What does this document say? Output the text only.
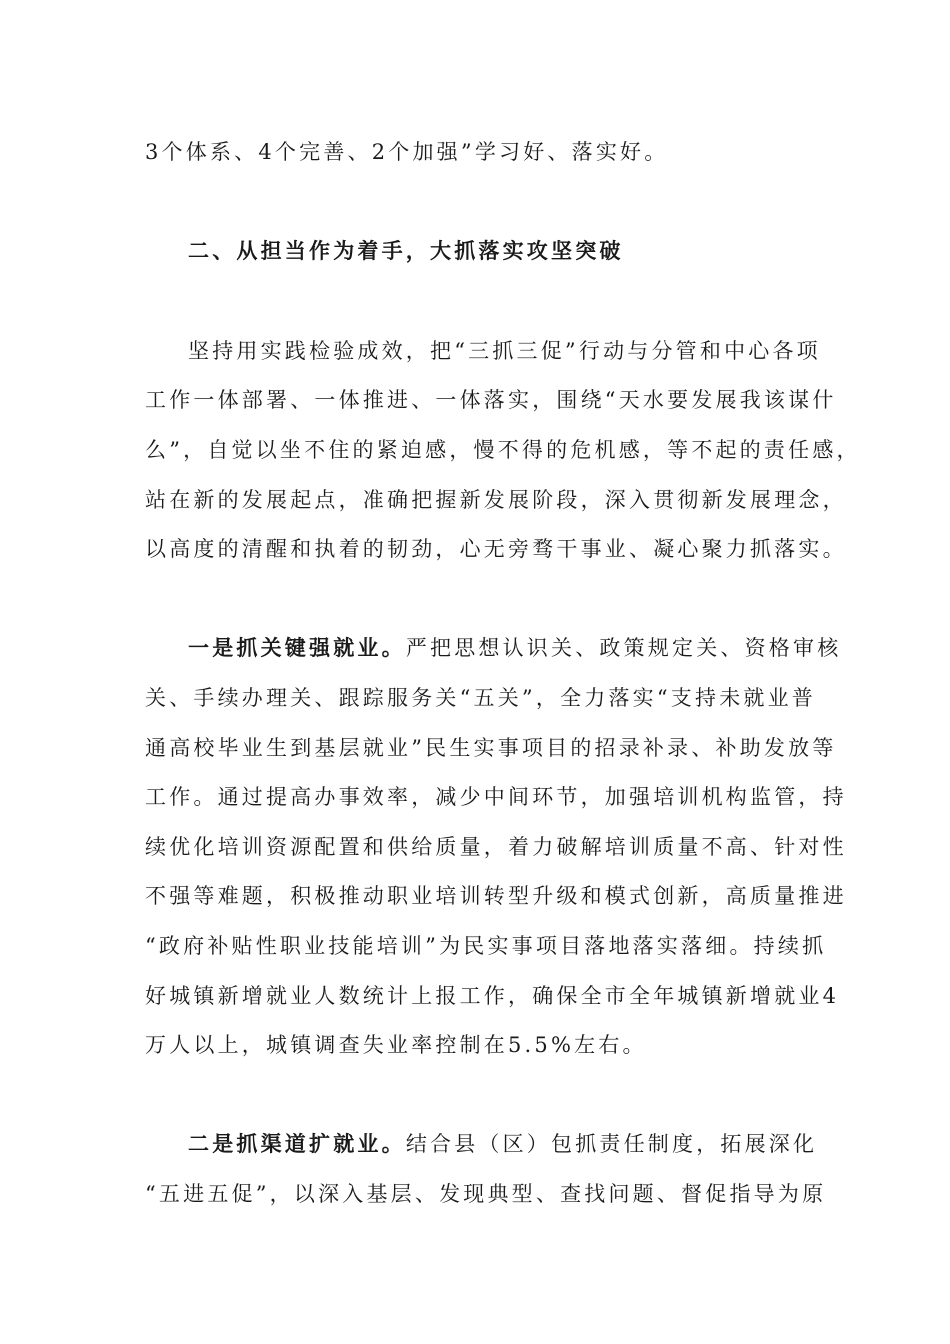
3个体系、4个完善、2个加强”学习好、落实好。
二、从担当作为着手，大抓落实攻坚突破
坚持用实践检验成效，把“三抓三促”行动与分管和中心各项
工作一体部署、一体推进、一体落实，围绕“天水要发展我该谋什
么”，自觉以坐不住的紧迫感，慢不得的危机感，等不起的责任感，
站在新的发展起点，准确把握新发展阶段，深入贯彻新发展理念，
以高度的清醒和执着的韧劲，心无旁骛干事业、凝心聚力抓落实。
一是抓关键强就业。严把思想认识关、政策规定关、资格审核
关、手续办理关、跟踪服务关“五关”，全力落实“支持未就业普
通高校毕业生到基层就业”民生实事项目的招录补录、补助发放等
工作。通过提高办事效率，减少中间环节，加强培训机构监管，持
续优化培训资源配置和供给质量，着力破解培训质量不高、针对性
不强等难题，积极推动职业培训转型升级和模式创新，高质量推进
“政府补贴性职业技能培训”为民实事项目落地落实落细。持续抓
好城镇新增就业人数统计上报工作，确保全市全年城镇新增就业4
万人以上，城镇调查失业率控制在5.5%左右。
二是抓渠道扩就业。结合县（区）包抓责任制度，拓展深化
“五进五促”，以深入基层、发现典型、查找问题、督促指导为原
